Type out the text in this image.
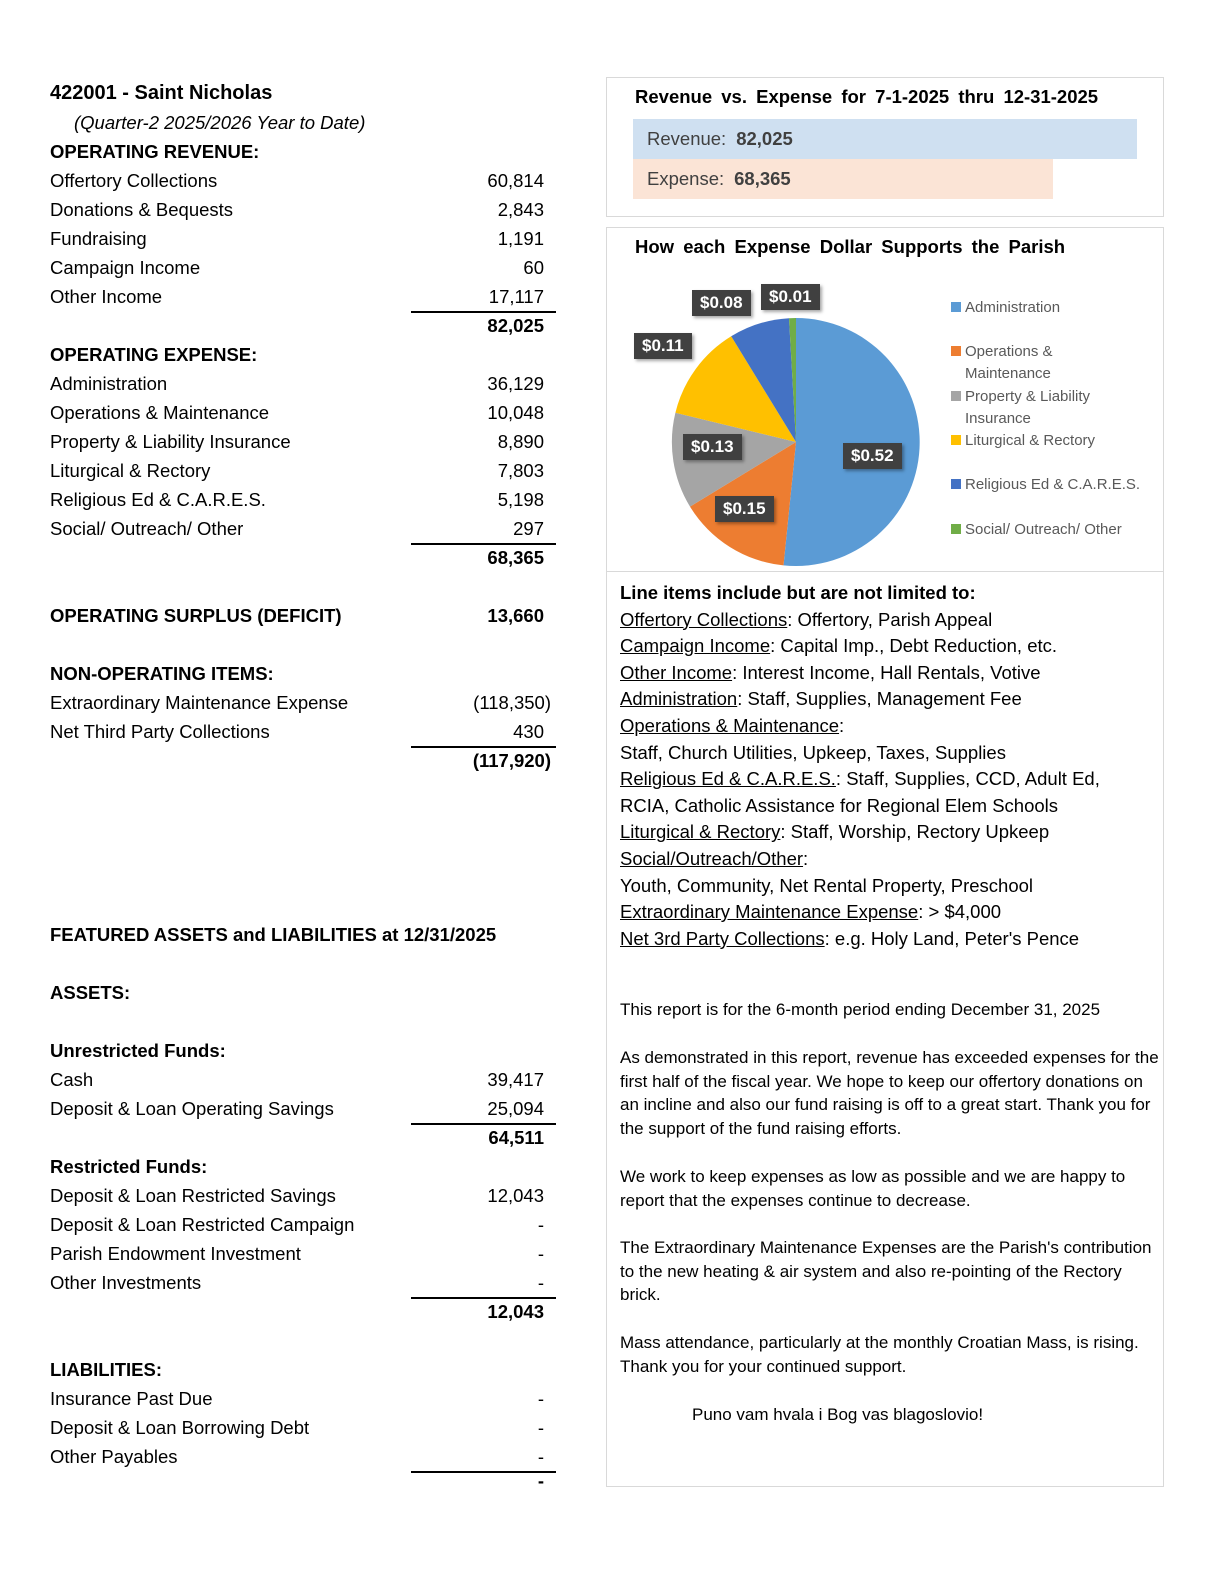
422001 - Saint Nicholas
(Quarter-2 2025/2026 Year to Date)
OPERATING REVENUE:
Offertory Collections	60,814
Donations & Bequests	2,843
Fundraising	1,191
Campaign Income	60
Other Income	17,117
82,025
OPERATING EXPENSE:
Administration	36,129
Operations & Maintenance	10,048
Property & Liability Insurance	8,890
Liturgical & Rectory	7,803
Religious Ed & C.A.R.E.S.	5,198
Social/ Outreach/ Other	297
68,365
OPERATING SURPLUS (DEFICIT)	13,660
NON-OPERATING ITEMS:
Extraordinary Maintenance Expense	(118,350)
Net Third Party Collections	430
(117,920)
FEATURED ASSETS and LIABILITIES at 12/31/2025
ASSETS:
Unrestricted Funds:
Cash	39,417
Deposit & Loan Operating Savings	25,094
64,511
Restricted Funds:
Deposit & Loan Restricted Savings	12,043
Deposit & Loan Restricted Campaign	-
Parish Endowment Investment	-
Other Investments	-
12,043
LIABILITIES:
Insurance Past Due	-
Deposit & Loan Borrowing Debt	-
Other Payables	-
-
Revenue vs. Expense for 7-1-2025 thru 12-31-2025
Revenue: 82,025
Expense: 68,365
How each Expense Dollar Supports the Parish
$0.52
$0.15
$0.13
$0.11
$0.08	$0.01
Administration
Operations &
Maintenance
Property & Liability
Insurance
Liturgical & Rectory
Religious Ed & C.A.R.E.S.
Social/ Outreach/ Other
Line items include but are not limited to:
Offertory Collections: Offertory, Parish Appeal
Campaign Income: Capital Imp., Debt Reduction, etc.
Other Income: Interest Income, Hall Rentals, Votive
Administration: Staff, Supplies, Management Fee
Operations & Maintenance:
Staff, Church Utilities, Upkeep, Taxes, Supplies
Religious Ed & C.A.R.E.S.: Staff, Supplies, CCD, Adult Ed,
RCIA, Catholic Assistance for Regional Elem Schools
Liturgical & Rectory: Staff, Worship, Rectory Upkeep
Social/Outreach/Other:
Youth, Community, Net Rental Property, Preschool
Extraordinary Maintenance Expense: > $4,000
Net 3rd Party Collections: e.g. Holy Land, Peter's Pence
This report is for the 6-month period ending December 31, 2025
As demonstrated in this report, revenue has exceeded expenses for the first half of the fiscal year. We hope to keep our offertory donations on an incline and also our fund raising is off to a great start. Thank you for the support of the fund raising efforts.
We work to keep expenses as low as possible and we are happy to report that the expenses continue to decrease.
The Extraordinary Maintenance Expenses are the Parish's contribution to the new heating & air system and also re-pointing of the Rectory brick.
Mass attendance, particularly at the monthly Croatian Mass, is rising. Thank you for your continued support.
Puno vam hvala i Bog vas blagoslovio!
